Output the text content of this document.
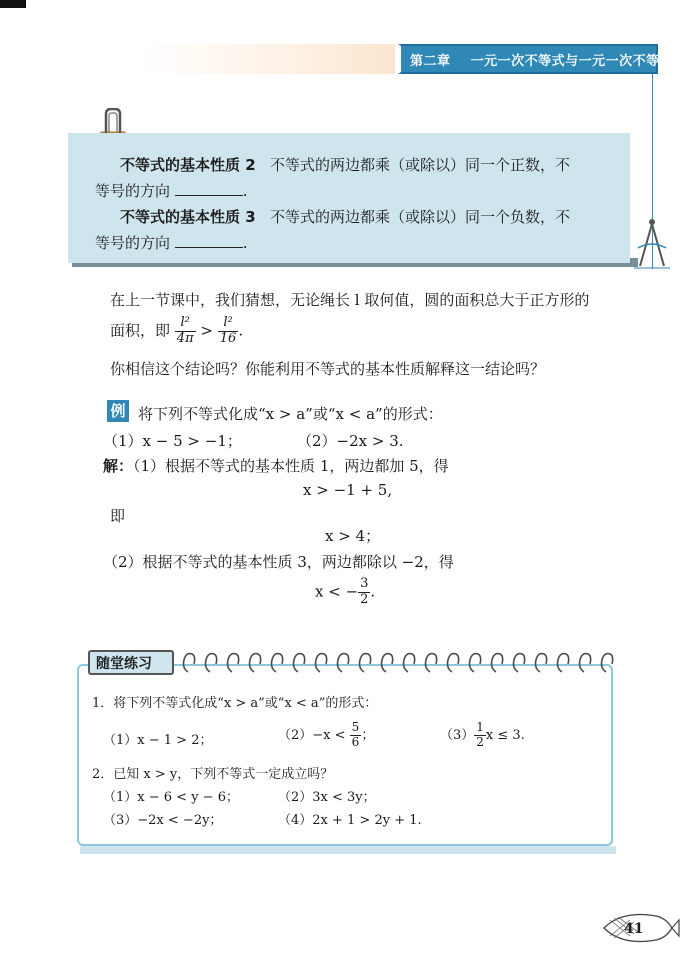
第二章 一元一次不等式与一元一次不等式组
不等式的基本性质 2 不等式的两边都乘（或除以）同一个正数，不
等号的方向	.
不等式的基本性质 3 不等式的两边都乘（或除以）同一个负数，不
等号的方向	.
在上一节课中，我们猜想，无论绳长 l 取何值，圆的面积总大于正方形的
面积，即 $\frac{\text{l²}}{4\pi} > \frac{\text{l²}}{16}$ .
你相信这个结论吗？你能利用不等式的基本性质解释这一结论吗？
例 将下列不等式化成“x > a”或“x < a”的形式：
（1）x − 5 > −1；	（2）−2x > 3.
解：（1）根据不等式的基本性质 1，两边都加 5，得
x > −1 + 5,
即
x > 4；
（2）根据不等式的基本性质 3，两边都除以 −2，得
x < − $\frac{3}{2}$ .
随堂练习
1．将下列不等式化成“x > a”或“x < a”的形式：
（1）x − 1 > 2；	$(2)-x < \frac{5}{6}$ ；	$(3) \frac{1}{2}$ x ≤ 3.
2．已知 x > y，下列不等式一定成立吗？
（1）x − 6 < y − 6；	（2）3x < 3y；
（3）−2x < −2y；	（4）2x + 1 > 2y + 1.
41
